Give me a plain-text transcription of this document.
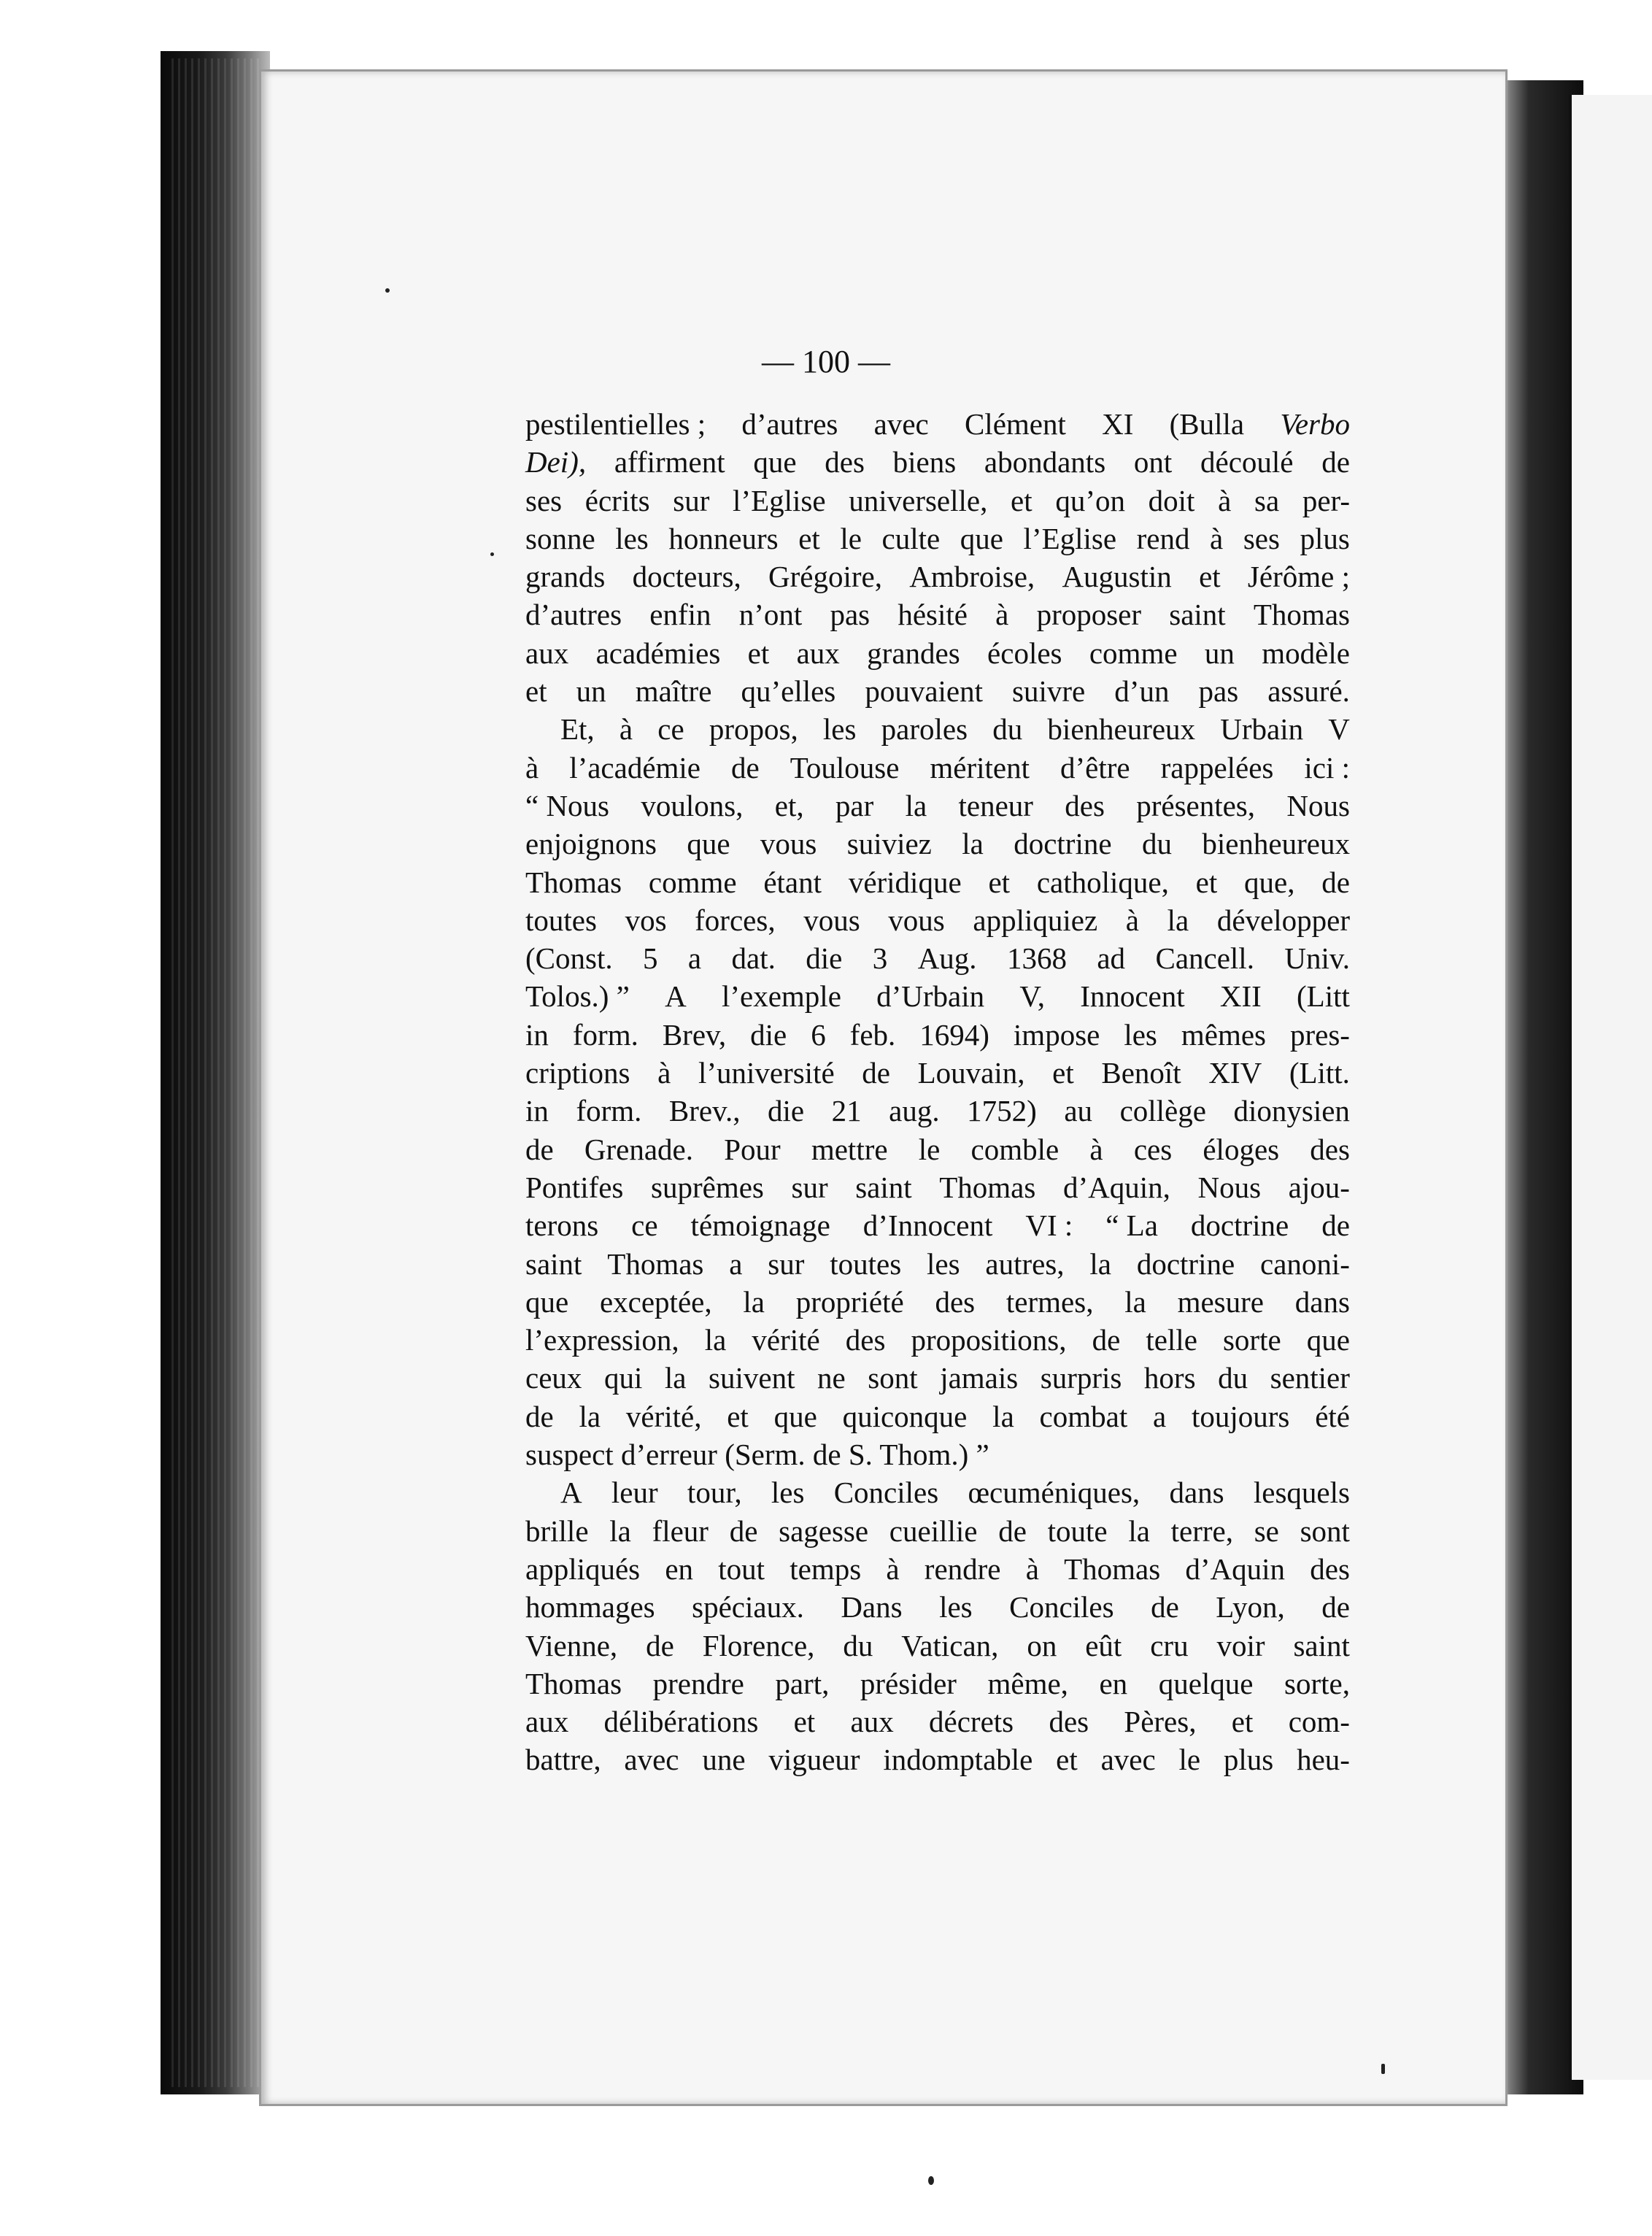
— 100 —
pestilentielles ; d’autres avec Clément XI (Bulla Verbo
Dei), affirment que des biens abondants ont découlé de
ses écrits sur l’Eglise universelle, et qu’on doit à sa per-
sonne les honneurs et le culte que l’Eglise rend à ses plus
grands docteurs, Grégoire, Ambroise, Augustin et Jérôme ;
d’autres enfin n’ont pas hésité à proposer saint Thomas
aux académies et aux grandes écoles comme un modèle
et un maître qu’elles pouvaient suivre d’un pas assuré.
Et, à ce propos, les paroles du bienheureux Urbain V
à l’académie de Toulouse méritent d’être rappelées ici :
“ Nous voulons, et, par la teneur des présentes, Nous
enjoignons que vous suiviez la doctrine du bienheureux
Thomas comme étant véridique et catholique, et que, de
toutes vos forces, vous vous appliquiez à la développer
(Const. 5 a dat. die 3 Aug. 1368 ad Cancell. Univ.
Tolos.) ” A l’exemple d’Urbain V, Innocent XII (Litt
in form. Brev, die 6 feb. 1694) impose les mêmes pres-
criptions à l’université de Louvain, et Benoît XIV (Litt.
in form. Brev., die 21 aug. 1752) au collège dionysien
de Grenade. Pour mettre le comble à ces éloges des
Pontifes suprêmes sur saint Thomas d’Aquin, Nous ajou-
terons ce témoignage d’Innocent VI : “ La doctrine de
saint Thomas a sur toutes les autres, la doctrine canoni-
que exceptée, la propriété des termes, la mesure dans
l’expression, la vérité des propositions, de telle sorte que
ceux qui la suivent ne sont jamais surpris hors du sentier
de la vérité, et que quiconque la combat a toujours été
suspect d’erreur (Serm. de S. Thom.) ”
A leur tour, les Conciles œcuméniques, dans lesquels
brille la fleur de sagesse cueillie de toute la terre, se sont
appliqués en tout temps à rendre à Thomas d’Aquin des
hommages spéciaux. Dans les Conciles de Lyon, de
Vienne, de Florence, du Vatican, on eût cru voir saint
Thomas prendre part, présider même, en quelque sorte,
aux délibérations et aux décrets des Pères, et com-
battre, avec une vigueur indomptable et avec le plus heu-
